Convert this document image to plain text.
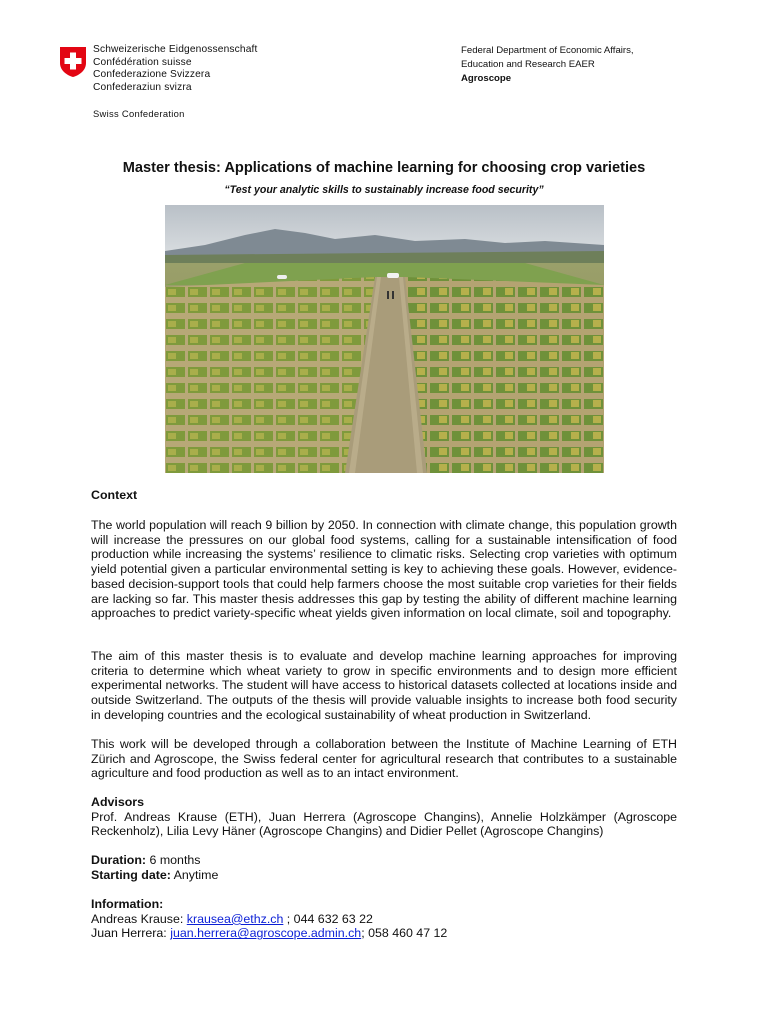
Schweizerische Eidgenossenschaft
Confédération suisse
Confederazione Svizzera
Confederaziun svizra
Swiss Confederation
Federal Department of Economic Affairs,
Education and Research EAER
Agroscope
Master thesis: Applications of machine learning for choosing crop varieties
“Test your analytic skills to sustainably increase food security”
Context

The world population will reach 9 billion by 2050. In connection with climate change, this population growth will increase the pressures on our global food systems, calling for a sustainable intensification of food production while increasing the systems’ resilience to climatic risks. Selecting crop varieties with optimum yield potential given a particular environmental setting is key to achieving these goals. However, evidence-based decision-support tools that could help farmers choose the most suitable crop varieties for their fields are lacking so far. This master thesis addresses this gap by testing the ability of different machine learning approaches to predict variety-specific wheat yields given information on local climate, soil and topography.

The aim of this master thesis is to evaluate and develop machine learning approaches for improving criteria to determine which wheat variety to grow in specific environments and to design more efficient experimental networks. The student will have access to historical datasets collected at locations inside and outside Switzerland. The outputs of the thesis will provide valuable insights to increase both food security in developing countries and the ecological sustainability of wheat production in Switzerland.

This work will be developed through a collaboration between the Institute of Machine Learning of ETH Zürich and Agroscope, the Swiss federal center for agricultural research that contributes to a sustainable agriculture and food production as well as to an intact environment.

Advisors

Prof. Andreas Krause (ETH), Juan Herrera (Agroscope Changins), Annelie Holzkämper (Agroscope Reckenholz), Lilia Levy Häner (Agroscope Changins) and Didier Pellet (Agroscope Changins)

Duration: 6 months
Starting date: Anytime
Information:
Andreas Krause: krausea@ethz.ch ; 044 632 63 22
Juan Herrera: juan.herrera@agroscope.admin.ch; 058 460 47 12
